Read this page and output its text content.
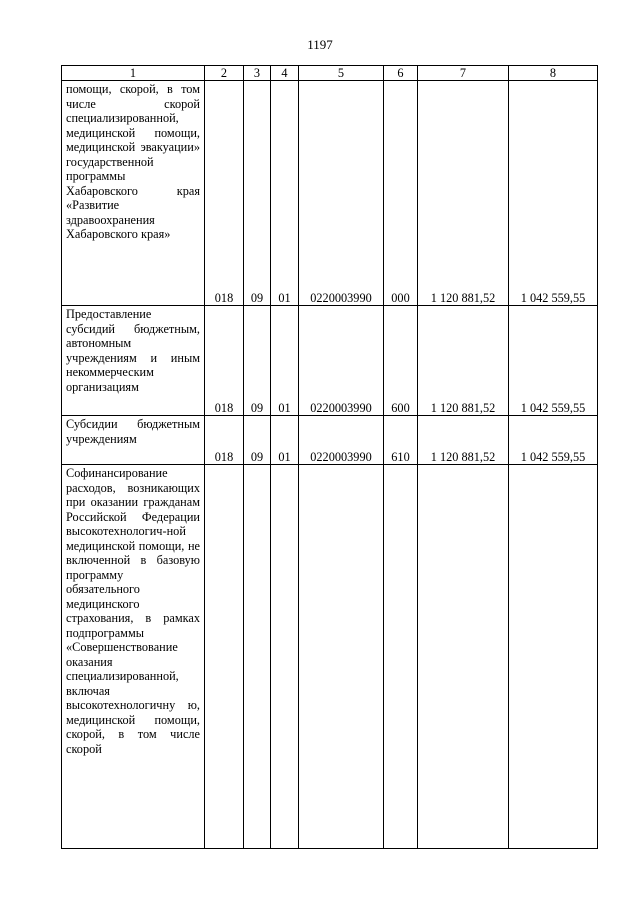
1197
1	2	3	4	5	6	7	8
помощи, скорой, в том числе скорой специализированной, медицинской помощи, медицинской эвакуации» государственной программы Хабаровского края «Развитие здравоохранения
Хабаровского края»	018	09	01	0220003990	000	1 120 881,52	1 042 559,55
Предоставление субсидий бюджетным, автономным учреждениям и иным некоммерческим
организациям	018	09	01	0220003990	600	1 120 881,52	1 042 559,55
Субсидии бюджетным
учреждениям	018	09	01	0220003990	610	1 120 881,52	1 042 559,55
Софинансирование расходов, возникающих при оказании гражданам Российской Федерации высокотехнологич-ной медицинской помощи, не включенной в базовую программу обязательного медицинского страхования, в рамках подпрограммы «Совершенствование оказания специализированной, включая высокотехнологичну ю, медицинской помощи, скорой, в том числе скорой
